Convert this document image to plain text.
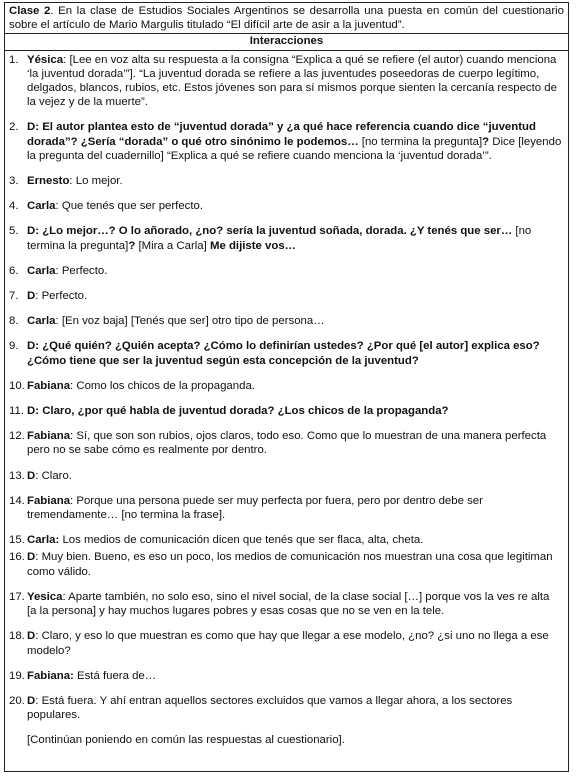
Clase 2. En la clase de Estudios Sociales Argentinos se desarrolla una puesta en común del cuestionario sobre el artículo de Mario Margulis titulado “El difícil arte de asir a la juventud”.
Interacciones
1. Yésica: [Lee en voz alta su respuesta a la consigna “Explica a qué se refiere (el autor) cuando menciona ‘la juventud dorada’”]. “La juventud dorada se refiere a las juventudes poseedoras de cuerpo legítimo, delgados, blancos, rubios, etc. Estos jóvenes son para sí mismos porque sienten la cercanía respecto de la vejez y de la muerte”.
2. D: El autor plantea esto de “juventud dorada” y ¿a qué hace referencia cuando dice “juventud dorada”? ¿Sería “dorada” o qué otro sinónimo le podemos… [no termina la pregunta]? Dice [leyendo la pregunta del cuadernillo] “Explica a qué se refiere cuando menciona la ‘juventud dorada’”.
3. Ernesto: Lo mejor.
4. Carla: Que tenés que ser perfecto.
5. D: ¿Lo mejor…? O lo añorado, ¿no? sería la juventud soñada, dorada. ¿Y tenés que ser… [no termina la pregunta]? [Mira a Carla] Me dijiste vos…
6. Carla: Perfecto.
7. D: Perfecto.
8. Carla: [En voz baja] [Tenés que ser] otro tipo de persona…
9. D: ¿Qué quién? ¿Quién acepta? ¿Cómo lo definirían ustedes? ¿Por qué [el autor] explica eso? ¿Cómo tiene que ser la juventud según esta concepción de la juventud?
10. Fabiana: Como los chicos de la propaganda.
11. D: Claro, ¿por qué habla de juventud dorada? ¿Los chicos de la propaganda?
12. Fabiana: Sí, que son son rubios, ojos claros, todo eso. Como que lo muestran de una manera perfecta pero no se sabe cómo es realmente por dentro.
13. D: Claro.
14. Fabiana: Porque una persona puede ser muy perfecta por fuera, pero por dentro debe ser tremendamente… [no termina la frase].
15. Carla: Los medios de comunicación dicen que tenés que ser flaca, alta, cheta.
16. D: Muy bien. Bueno, es eso un poco, los medios de comunicación nos muestran una cosa que legitiman como válido.
17. Yesica: Aparte también, no solo eso, sino el nivel social, de la clase social […] porque vos la ves re alta [a la persona] y hay muchos lugares pobres y esas cosas que no se ven en la tele.
18. D: Claro, y eso lo que muestran es como que hay que llegar a ese modelo, ¿no? ¿si uno no llega a ese modelo?
19. Fabiana: Está fuera de…
20. D: Está fuera. Y ahí entran aquellos sectores excluidos que vamos a llegar ahora, a los sectores populares.
[Continúan poniendo en común las respuestas al cuestionario].
